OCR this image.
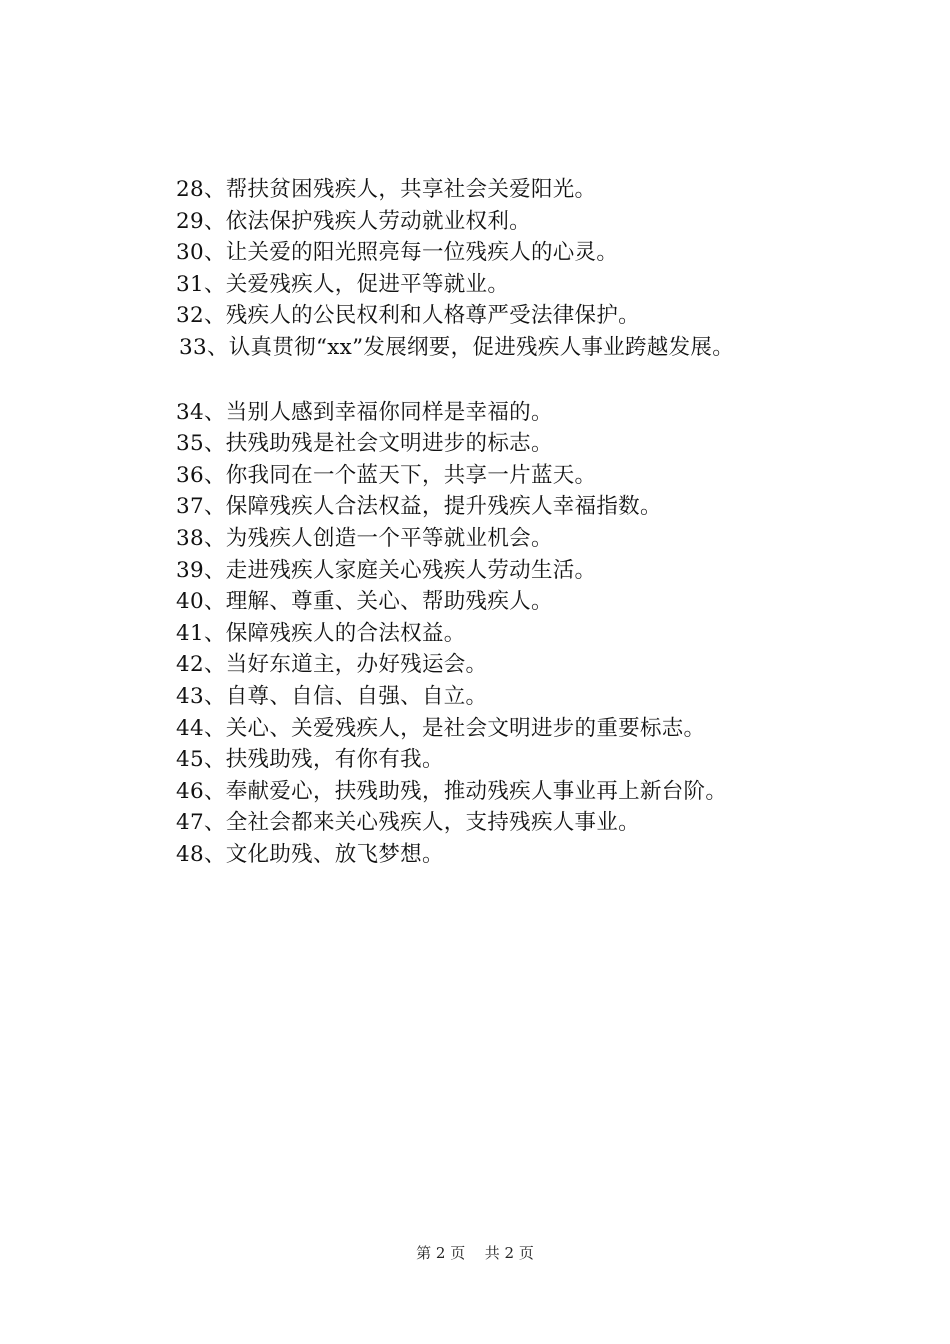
28、帮扶贫困残疾人，共享社会关爱阳光。
29、依法保护残疾人劳动就业权利。
30、让关爱的阳光照亮每一位残疾人的心灵。
31、关爱残疾人，促进平等就业。
32、残疾人的公民权利和人格尊严受法律保护。
33、认真贯彻“xx”发展纲要，促进残疾人事业跨越发展。
34、当别人感到幸福你同样是幸福的。
35、扶残助残是社会文明进步的标志。
36、你我同在一个蓝天下，共享一片蓝天。
37、保障残疾人合法权益，提升残疾人幸福指数。
38、为残疾人创造一个平等就业机会。
39、走进残疾人家庭关心残疾人劳动生活。
40、理解、尊重、关心、帮助残疾人。
41、保障残疾人的合法权益。
42、当好东道主，办好残运会。
43、自尊、自信、自强、自立。
44、关心、关爱残疾人，是社会文明进步的重要标志。
45、扶残助残，有你有我。
46、奉献爱心，扶残助残，推动残疾人事业再上新台阶。
47、全社会都来关心残疾人，支持残疾人事业。
48、文化助残、放飞梦想。
第 2 页 共 2 页
